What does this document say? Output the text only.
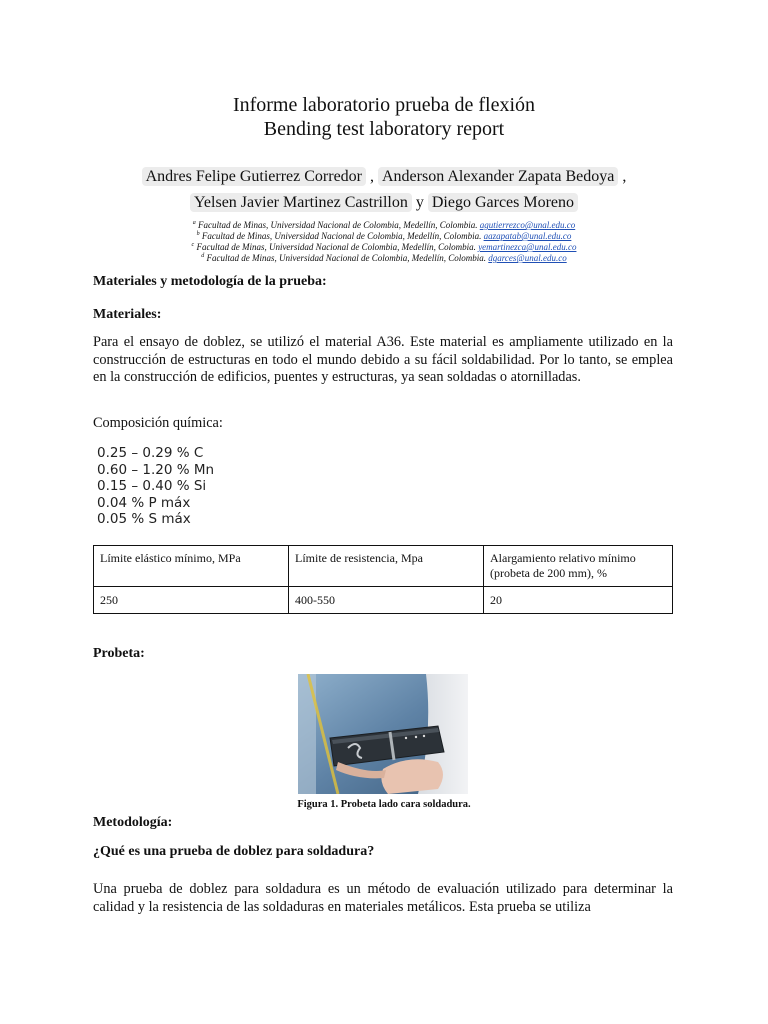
Informe laboratorio prueba de flexión
Bending test laboratory report
Andres Felipe Gutierrez Corredor , Anderson Alexander Zapata Bedoya ,
Yelsen Javier Martinez Castrillon y Diego Garces Moreno
$^a$ Facultad de Minas, Universidad Nacional de Colombia, Medellín, Colombia. agutierrezco@unal.edu.co
$^b$ Facultad de Minas, Universidad Nacional de Colombia, Medellín, Colombia. aazapatab@unal.edu.co
$^c$ Facultad de Minas, Universidad Nacional de Colombia, Medellín, Colombia. yemartinezca@unal.edu.co
$^d$ Facultad de Minas, Universidad Nacional de Colombia, Medellín, Colombia. dgarces@unal.edu.co
Materiales y metodología de la prueba:
Materiales:
Para el ensayo de doblez, se utilizó el material A36. Este material es ampliamente utilizado en la construcción de estructuras en todo el mundo debido a su fácil soldabilidad. Por lo tanto, se emplea en la construcción de edificios, puentes y estructuras, ya sean soldadas o atornilladas.
Composición química:
0.25 – 0.29 % C
0.60 – 1.20 % Mn
0.15 – 0.40 % Si
0.04 % P máx
0.05 % S máx
Límite elástico mínimo, MPa	Límite de resistencia, Mpa	Alargamiento relativo mínimo (probeta de 200 mm), %
250	400-550	20
Probeta:
Figura 1. Probeta lado cara soldadura.
Metodología:
¿Qué es una prueba de doblez para soldadura?
Una prueba de doblez para soldadura es un método de evaluación utilizado para determinar la calidad y la resistencia de las soldaduras en materiales metálicos. Esta prueba se utiliza
